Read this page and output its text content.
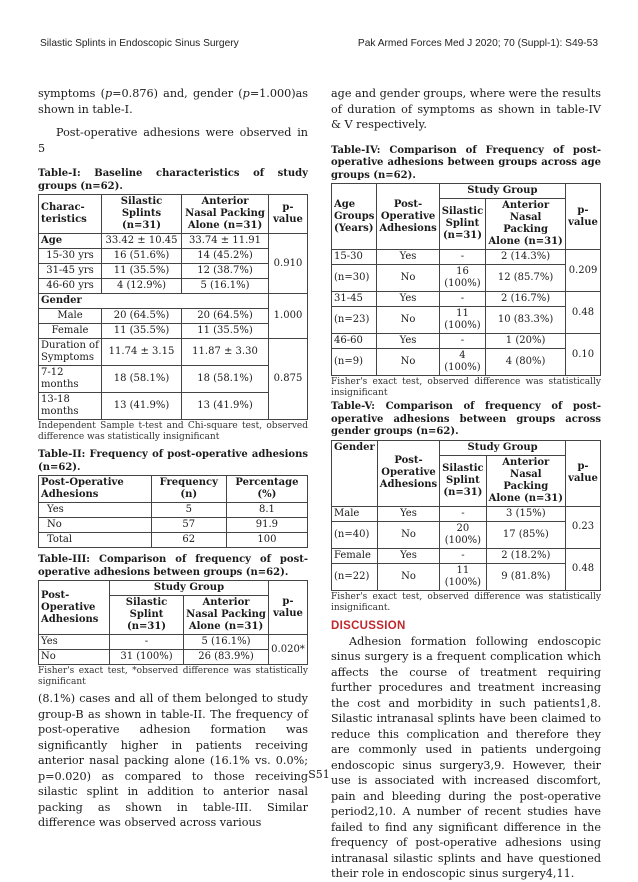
Silastic Splints in Endoscopic Sinus Surgery	Pak Armed Forces Med J 2020; 70 (Suppl-1): S49-53

symptoms (p=0.876) and, gender (p=1.000)as shown in table-I.

Post-operative adhesions were observed in 5

Table-I: Baseline characteristics of study groups (n=62).
Charac-teristics	Silastic Splints (n=31)	Anterior Nasal Packing Alone (n=31)	p-value
Age	33.42 ± 10.45	33.74 ± 11.91	0.910
15-30 yrs	16 (51.6%)	14 (45.2%)	
31-45 yrs	11 (35.5%)	12 (38.7%)	
46-60 yrs	4 (12.9%)	5 (16.1%)	
Gender			1.000
Male	20 (64.5%)	20 (64.5%)	
Female	11 (35.5%)	11 (35.5%)	
Duration of Symptoms	11.74 ± 3.15	11.87 ± 3.30	0.875
7-12 months	18 (58.1%)	18 (58.1%)	
13-18 months	13 (41.9%)	13 (41.9%)	
Independent Sample t-test and Chi-square test, observed difference was statistically insignificant
Table-II: Frequency of post-operative adhesions (n=62).
Post-Operative Adhesions	Frequency (n)	Percentage (%)
Yes	5	8.1
No	57	91.9
Total	62	100
Table-III: Comparison of frequency of post-operative adhesions between groups (n=62).
Post-Operative Adhesions	Study Group		p-value
	Silastic Splint (n=31)	Anterior Nasal Packing Alone (n=31)	
Yes	-	5 (16.1%)	0.020*
No	31 (100%)	26 (83.9%)	
Fisher's exact test, *observed difference was statistically significant

(8.1%) cases and all of them belonged to study group-B as shown in table-II. The frequency of post-operative adhesion formation was significantly higher in patients receiving anterior nasal packing alone (16.1% vs. 0.0%; p=0.020) as compared to those receiving silastic splint in addition to anterior nasal packing as shown in table-III. Similar difference was observed across various

age and gender groups, where were the results of duration of symptoms as shown in table-IV & V respectively.

Table-IV: Comparison of Frequency of post-operative adhesions between groups across age groups (n=62).
Age Groups (Years)	Post-Operative Adhesions	Study Group		p-value
		Silastic Splint (n=31)	Anterior Nasal Packing Alone (n=31)	
15-30	Yes	-	2 (14.3%)	0.209
(n=30)	No	16 (100%)	12 (85.7%)	
31-45	Yes	-	2 (16.7%)	0.48
(n=23)	No	11 (100%)	10 (83.3%)	
46-60	Yes	-	1 (20%)	0.10
(n=9)	No	4 (100%)	4 (80%)	
Fisher's exact test, observed difference was statistically insignificant
Table-V: Comparison of frequency of post-operative adhesions between groups across gender groups (n=62).
Gender	Post-Operative Adhesions	Study Group		p-value
		Silastic Splint (n=31)	Anterior Nasal Packing Alone (n=31)	
Male	Yes	-	3 (15%)	0.23
(n=40)	No	20 (100%)	17 (85%)	
Female	Yes	-	2 (18.2%)	0.48
(n=22)	No	11 (100%)	9 (81.8%)	
Fisher's exact test, observed difference was statistically insignificant.
DISCUSSION

Adhesion formation following endoscopic sinus surgery is a frequent complication which affects the course of treatment requiring further procedures and treatment increasing the cost and morbidity in such patients1,8. Silastic intranasal splints have been claimed to reduce this complication and therefore they are commonly used in patients undergoing endoscopic sinus surgery3,9. However, their use is associated with increased discomfort, pain and bleeding during the post-operative period2,10. A number of recent studies have failed to find any significant difference in the frequency of post-operative adhesions using intranasal silastic splints and have questioned their role in endoscopic sinus surgery4,11.

S51
